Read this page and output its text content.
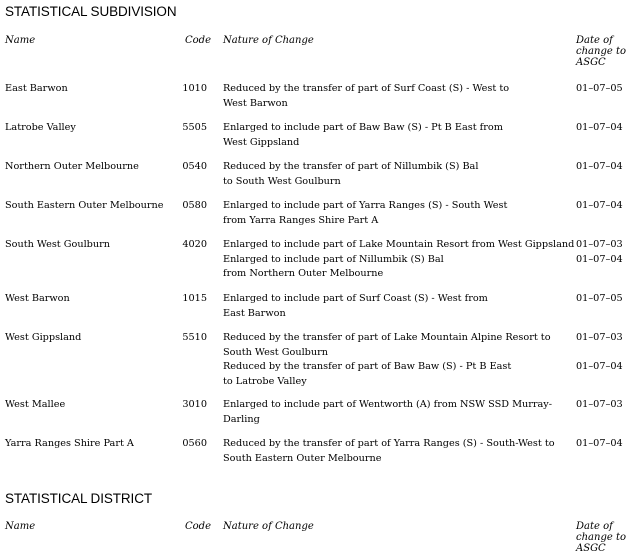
STATISTICAL SUBDIVISION
Name	Code Nature of Change	Date of
change to
ASGC
East Barwon	1010 Reduced by the transfer of part of Surf Coast (S) - West to
West Barwon
01–07–05
Latrobe Valley	5505 Enlarged to include part of Baw Baw (S) - Pt B East from
West Gippsland
01–07–04
Northern Outer Melbourne	0540 Reduced by the transfer of part of Nillumbik (S) Bal
to South West Goulburn
01–07–04
South Eastern Outer Melbourne	0580 Enlarged to include part of Yarra Ranges (S) - South West
from Yarra Ranges Shire Part A
01–07–04
South West Goulburn	4020 Enlarged to include part of Lake Mountain Resort from West Gippsland 01–07–03
Enlarged to include part of Nillumbik (S) Bal
from Northern Outer Melbourne
01–07–04
West Barwon	1015 Enlarged to include part of Surf Coast (S) - West from
East Barwon
01–07–05
West Gippsland	5510 Reduced by the transfer of part of Lake Mountain Alpine Resort to
South West Goulburn
01–07–03
Reduced by the transfer of part of Baw Baw (S) - Pt B East
to Latrobe Valley
01–07–04
West Mallee	3010 Enlarged to include part of Wentworth (A) from NSW SSD Murray-
Darling
01–07–03
Yarra Ranges Shire Part A	0560 Reduced by the transfer of part of Yarra Ranges (S) - South-West to
South Eastern Outer Melbourne
01–07–04
STATISTICAL DISTRICT
Name	Code Nature of Change	Date of
change to
ASGC
